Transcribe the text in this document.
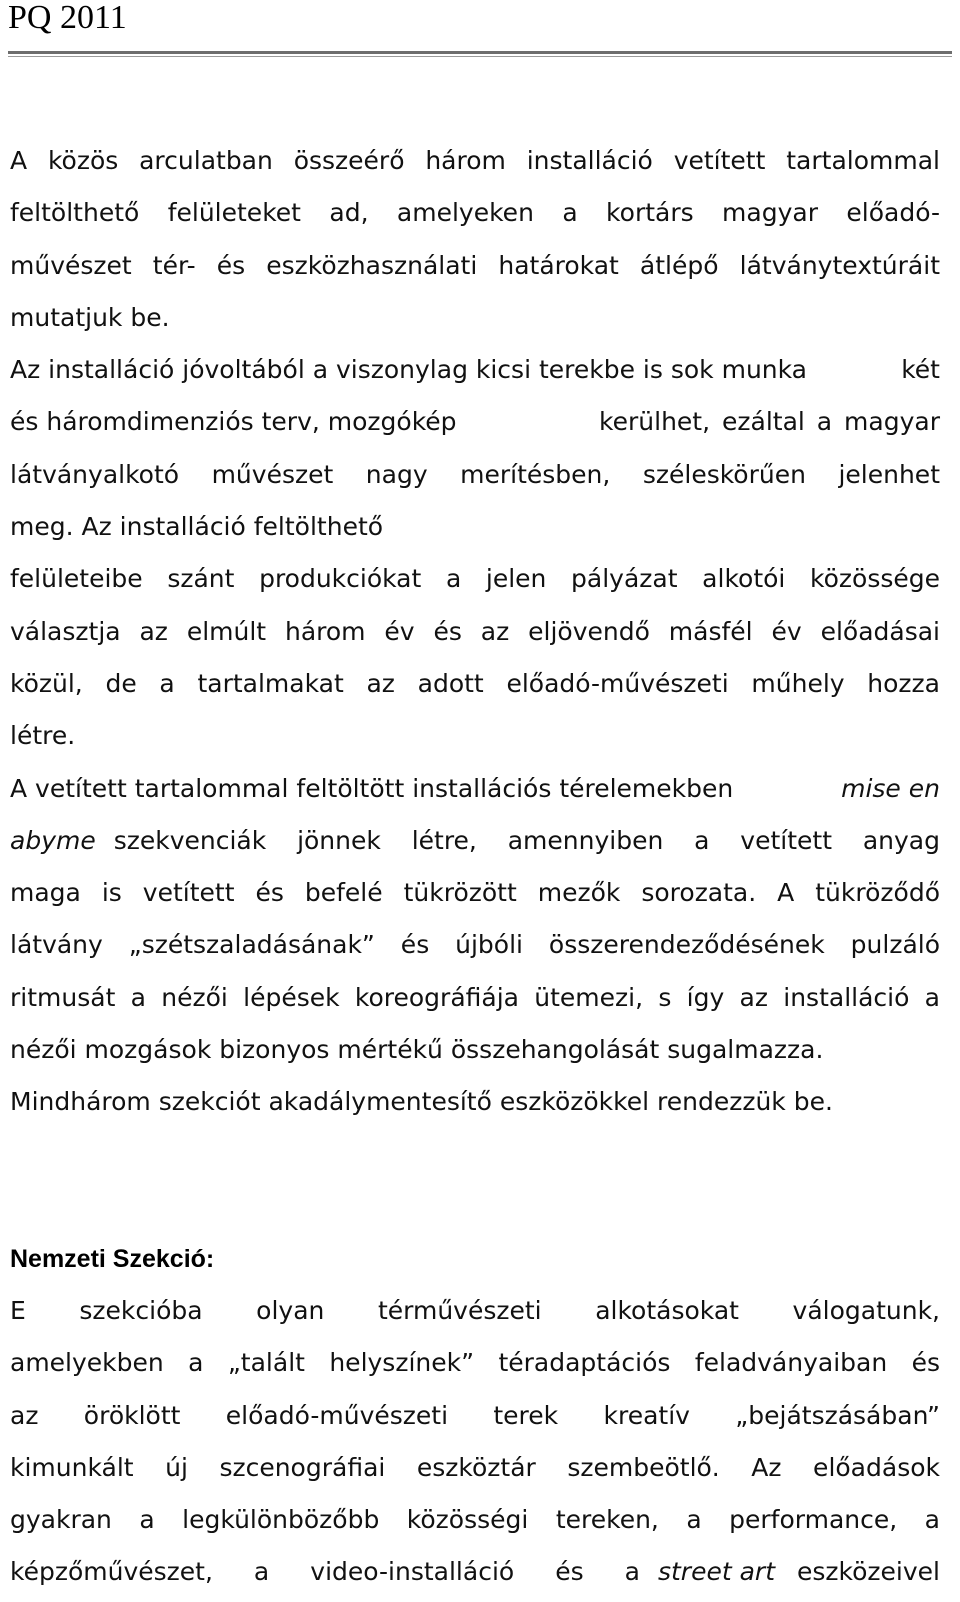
PQ 2011
A közös arculatban összeérő három installáció vetített tartalommal
feltölthető felületeket ad, amelyeken a kortárs magyar előadó-
művészet tér- és eszközhasználati határokat átlépő látványtextúráit
mutatjuk be.
Az installáció jóvoltából a viszonylag kicsi terekbe is sok munka	két
és háromdimenziós terv, mozgókép	kerülhet, ezáltal a magyar
látványalkotó művészet nagy merítésben, széleskörűen jelenhet
meg. Az installáció feltölthető
felületeibe szánt produkciókat a jelen pályázat alkotói közössége
választja az elmúlt három év és az eljövendő másfél év előadásai
közül, de a tartalmakat az adott előadó-művészeti műhely hozza
létre.
A vetített tartalommal feltöltött installációs térelemekben	mise en
abyme szekvenciák jönnek létre, amennyiben a vetített anyag
maga is vetített és befelé tükrözött mezők sorozata. A tükröződő
látvány „szétszaladásának” és újbóli összerendeződésének pulzáló
ritmusát a nézői lépések koreográfiája ütemezi, s így az installáció a
nézői mozgások bizonyos mértékű összehangolását sugalmazza.
Mindhárom szekciót akadálymentesítő eszközökkel rendezzük be.
Nemzeti Szekció:
E szekcióba olyan térművészeti alkotásokat válogatunk,
amelyekben a „talált helyszínek” téradaptációs feladványaiban és
az öröklött előadó-művészeti terek kreatív „bejátszásában”
kimunkált új szcenográfiai eszköztár szembeötlő. Az előadások
gyakran a legkülönbözőbb közösségi tereken, a performance, a
képzőművészet, a video-installáció és a street art eszközeivel
